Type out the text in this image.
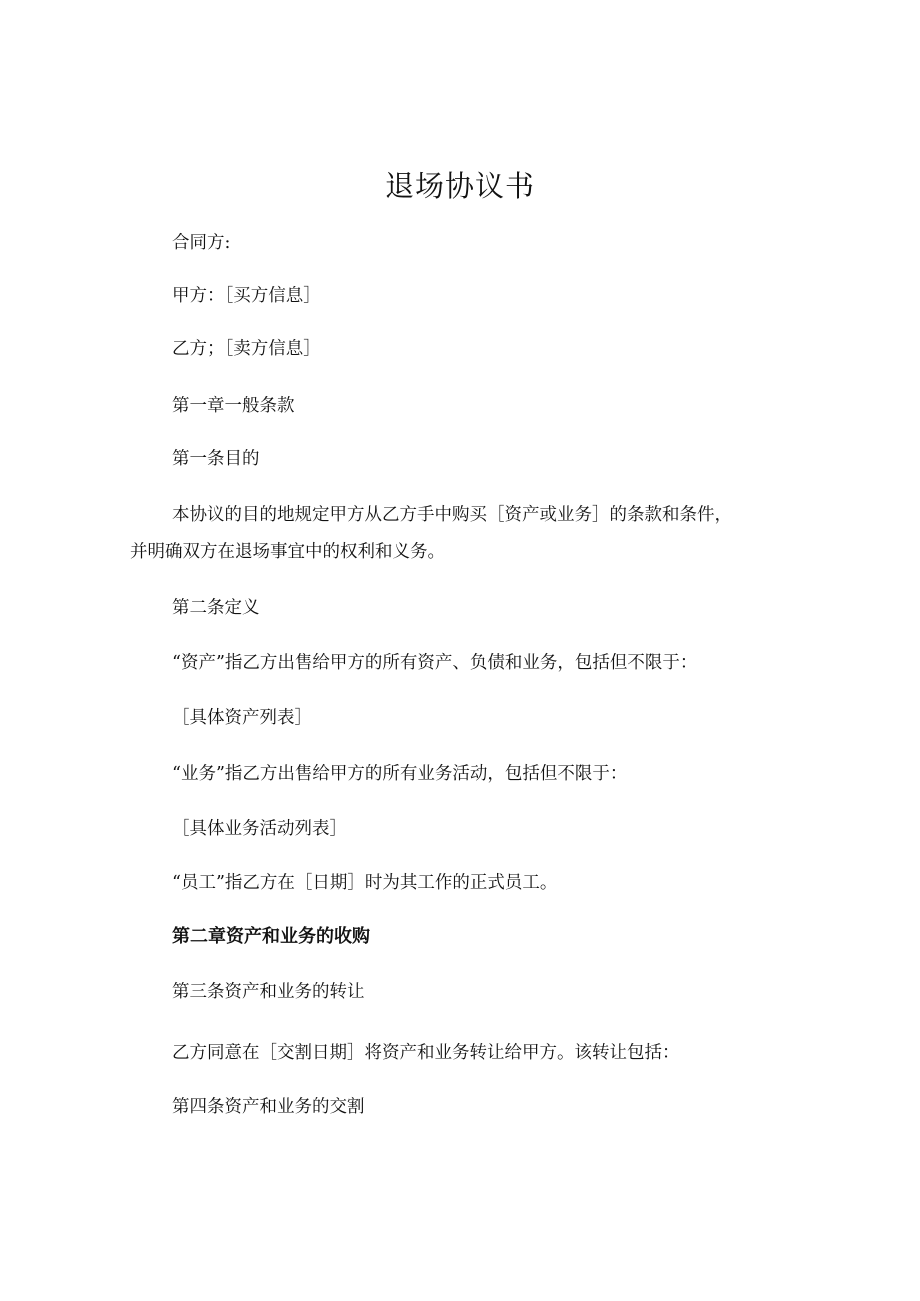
退场协议书
合同方:
甲方：［买方信息］
乙方；［卖方信息］
第一章一般条款
第一条目的
本协议的目的地规定甲方从乙方手中购买［资产或业务］的条款和条件，
并明确双方在退场事宜中的权利和义务。
第二条定义
“资产”指乙方出售给甲方的所有资产、负债和业务，包括但不限于：
［具体资产列表］
“业务”指乙方出售给甲方的所有业务活动，包括但不限于：
［具体业务活动列表］
“员工”指乙方在［日期］时为其工作的正式员工。
第二章资产和业务的收购
第三条资产和业务的转让
乙方同意在［交割日期］将资产和业务转让给甲方。该转让包括：
第四条资产和业务的交割
